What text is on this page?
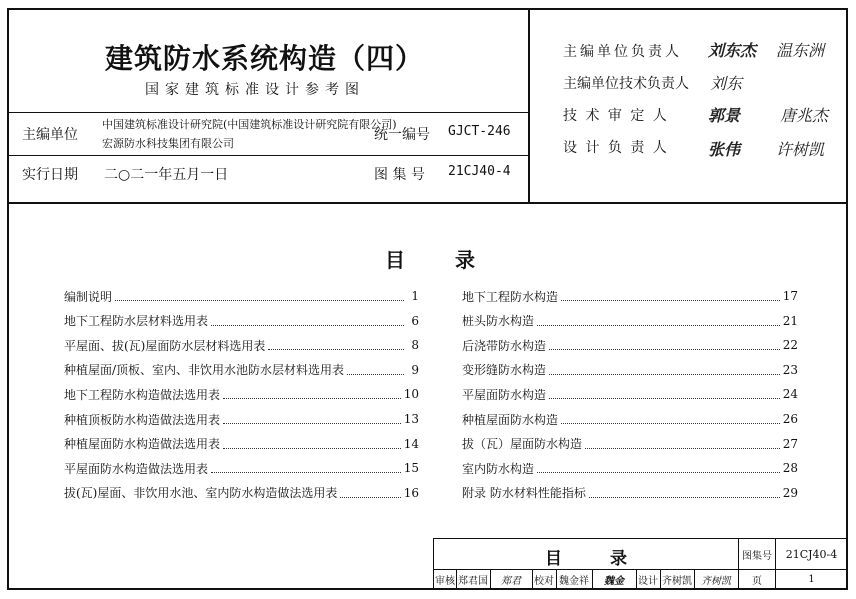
建筑防水系统构造（四）
国家建筑标准设计参考图
主编单位
中国建筑标准设计研究院(中国建筑标准设计研究院有限公司)
宏源防水科技集团有限公司
统一编号 GJCT-246
实行日期 二○二一年五月一日	图 集 号 21CJ40-4
主编单位负责人 刘东杰 温东洲
主编单位技术负责人 刘东
技 术 审 定 人 郭景 唐兆杰
设 计 负 责 人 张伟 许树凯
目	录
编制说明	1
地下工程防水层材料选用表	6
平屋面、拔(瓦)屋面防水层材料选用表	8
种植屋面/顶板、室内、非饮用水池防水层材料选用表	9
地下工程防水构造做法选用表	10
种植顶板防水构造做法选用表	13
种植屋面防水构造做法选用表	14
平屋面防水构造做法选用表	15
拔(瓦)屋面、非饮用水池、室内防水构造做法选用表	16
地下工程防水构造	17
桩头防水构造	21
后浇带防水构造	22
变形缝防水构造	23
平屋面防水构造	24
种植屋面防水构造	26
拔（瓦）屋面防水构造	27
室内防水构造	28
附录 防水材料性能指标	29
目	录	图集号	21CJ40-4
审核 郑君国	郑君	校对 魏金祥	魏金	设计 齐树凯 齐树凯	页	1
